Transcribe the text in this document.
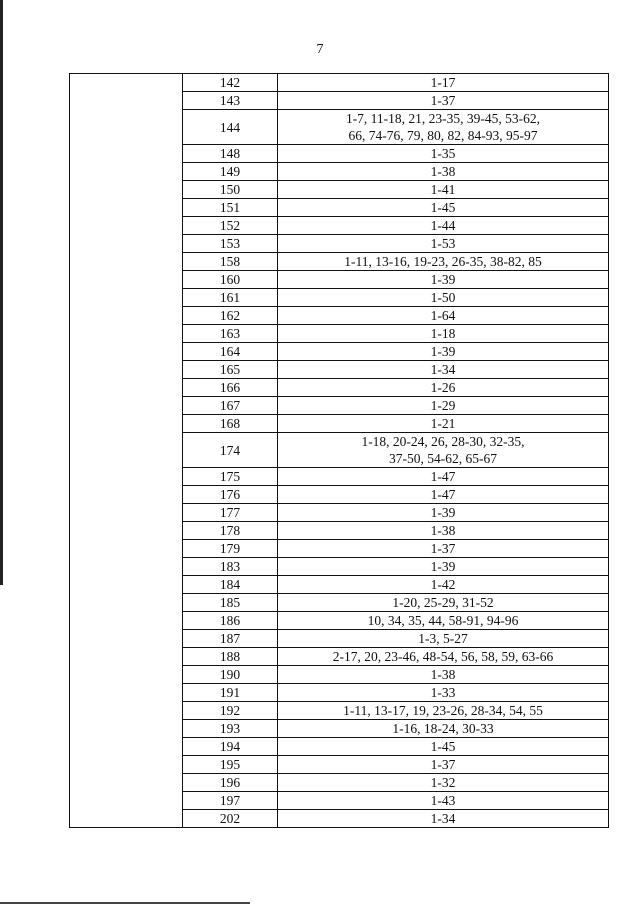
7
	142	1-17
	143	1-37
	144	1-7, 11-18, 21, 23-35, 39-45, 53-62,
66, 74-76, 79, 80, 82, 84-93, 95-97
	148	1-35
	149	1-38
	150	1-41
	151	1-45
	152	1-44
	153	1-53
	158	1-11, 13-16, 19-23, 26-35, 38-82, 85
	160	1-39
	161	1-50
	162	1-64
	163	1-18
	164	1-39
	165	1-34
	166	1-26
	167	1-29
	168	1-21
	174	1-18, 20-24, 26, 28-30, 32-35,
37-50, 54-62, 65-67
	175	1-47
	176	1-47
	177	1-39
	178	1-38
	179	1-37
	183	1-39
	184	1-42
	185	1-20, 25-29, 31-52
	186	10, 34, 35, 44, 58-91, 94-96
	187	1-3, 5-27
	188	2-17, 20, 23-46, 48-54, 56, 58, 59, 63-66
	190	1-38
	191	1-33
	192	1-11, 13-17, 19, 23-26, 28-34, 54, 55
	193	1-16, 18-24, 30-33
	194	1-45
	195	1-37
	196	1-32
	197	1-43
	202	1-34
